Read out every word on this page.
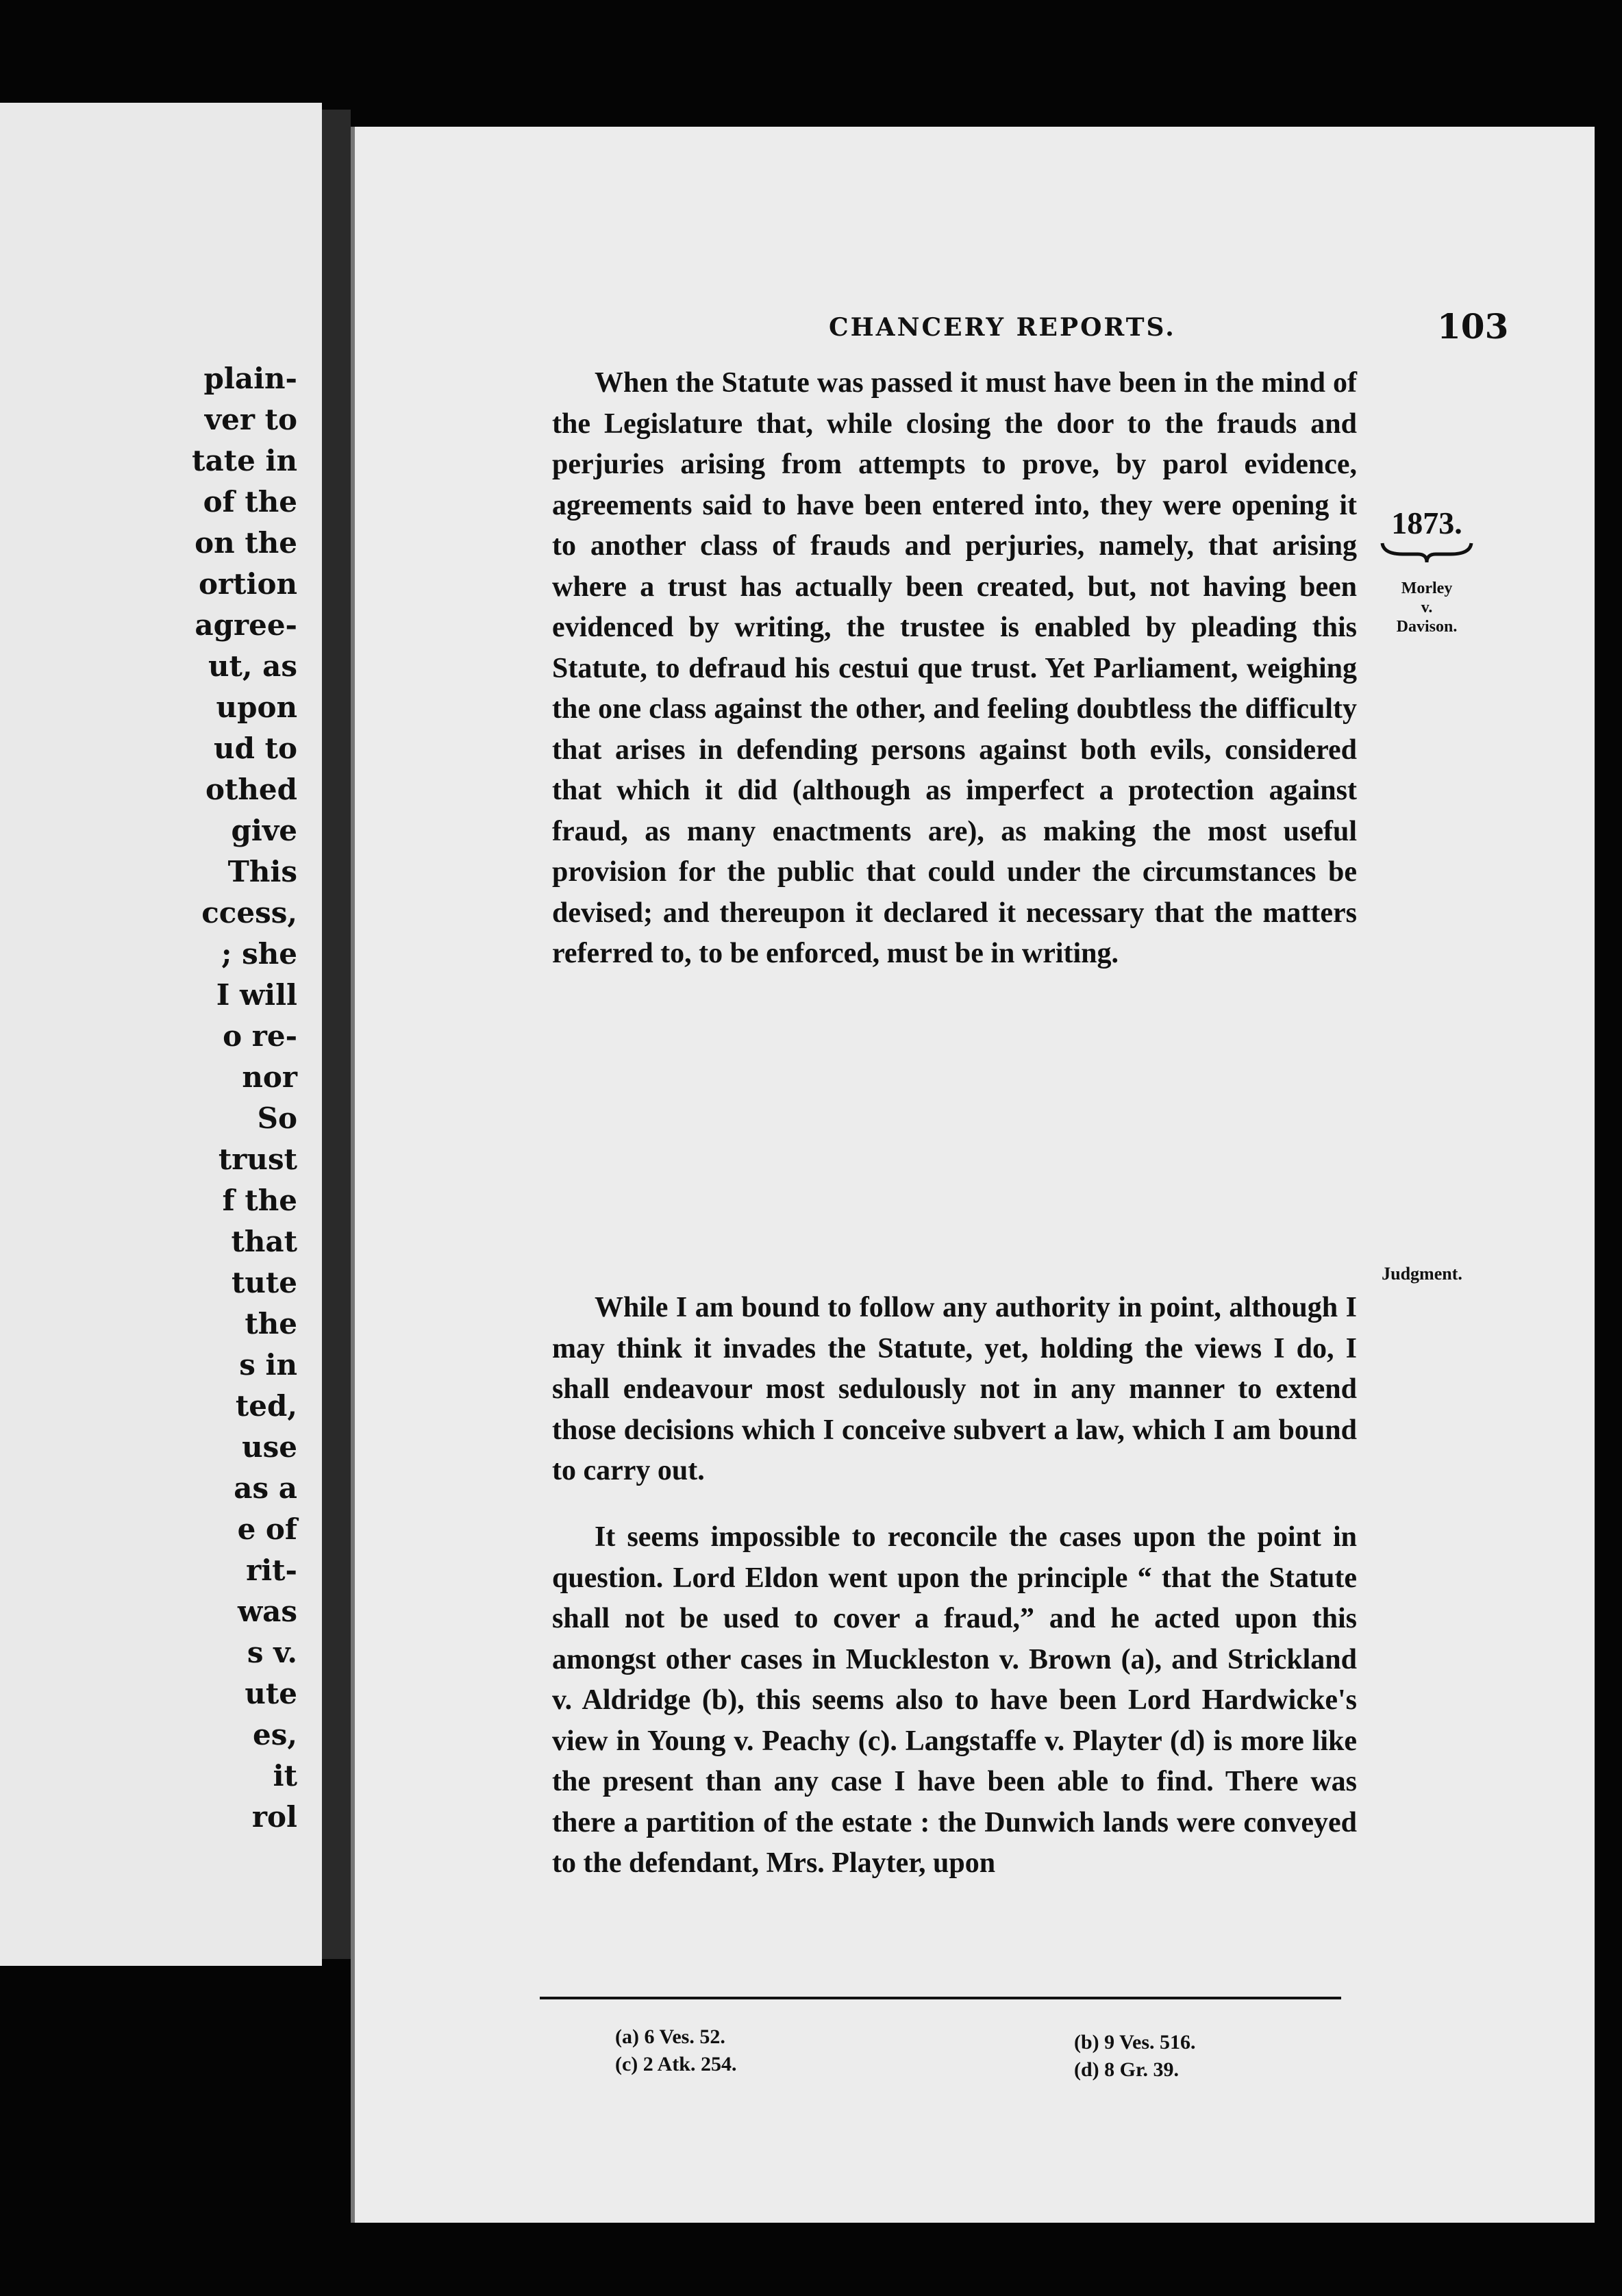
plain-
ver to
tate in
of the
on the
ortion
agree-
ut, as
upon
ud to
othed
give
This
ccess,
; she
I will
o re-
nor
So
trust
f the
that
tute
the
s in
ted,
use
as a
e of
rit-
was
s v.
ute
es,
it
rol
CHANCERY REPORTS.	103
1873.
Morley
v.
Davison.
Judgment.

When the Statute was passed it must have been in the mind of the Legislature that, while closing the door to the frauds and perjuries arising from attempts to prove, by parol evidence, agreements said to have been entered into, they were opening it to another class of frauds and perjuries, namely, that arising where a trust has actually been created, but, not having been evidenced by writing, the trustee is enabled by pleading this Statute, to defraud his cestui que trust. Yet Parliament, weighing the one class against the other, and feeling doubtless the difficulty that arises in defending persons against both evils, considered that which it did (although as imperfect a protection against fraud, as many enactments are), as making the most useful provision for the public that could under the circumstances be devised; and thereupon it declared it necessary that the matters referred to, to be enforced, must be in writing.

While I am bound to follow any authority in point, although I may think it invades the Statute, yet, holding the views I do, I shall endeavour most sedulously not in any manner to extend those decisions which I conceive subvert a law, which I am bound to carry out.

It seems impossible to reconcile the cases upon the point in question. Lord Eldon went upon the principle “ that the Statute shall not be used to cover a fraud,” and he acted upon this amongst other cases in Muckleston v. Brown (a), and Strickland v. Aldridge (b), this seems also to have been Lord Hardwicke's view in Young v. Peachy (c). Langstaffe v. Playter (d) is more like the present than any case I have been able to find. There was there a partition of the estate : the Dunwich lands were conveyed to the defendant, Mrs. Playter, upon

(a) 6 Ves. 52.
(c) 2 Atk. 254.
(b) 9 Ves. 516.
(d) 8 Gr. 39.
